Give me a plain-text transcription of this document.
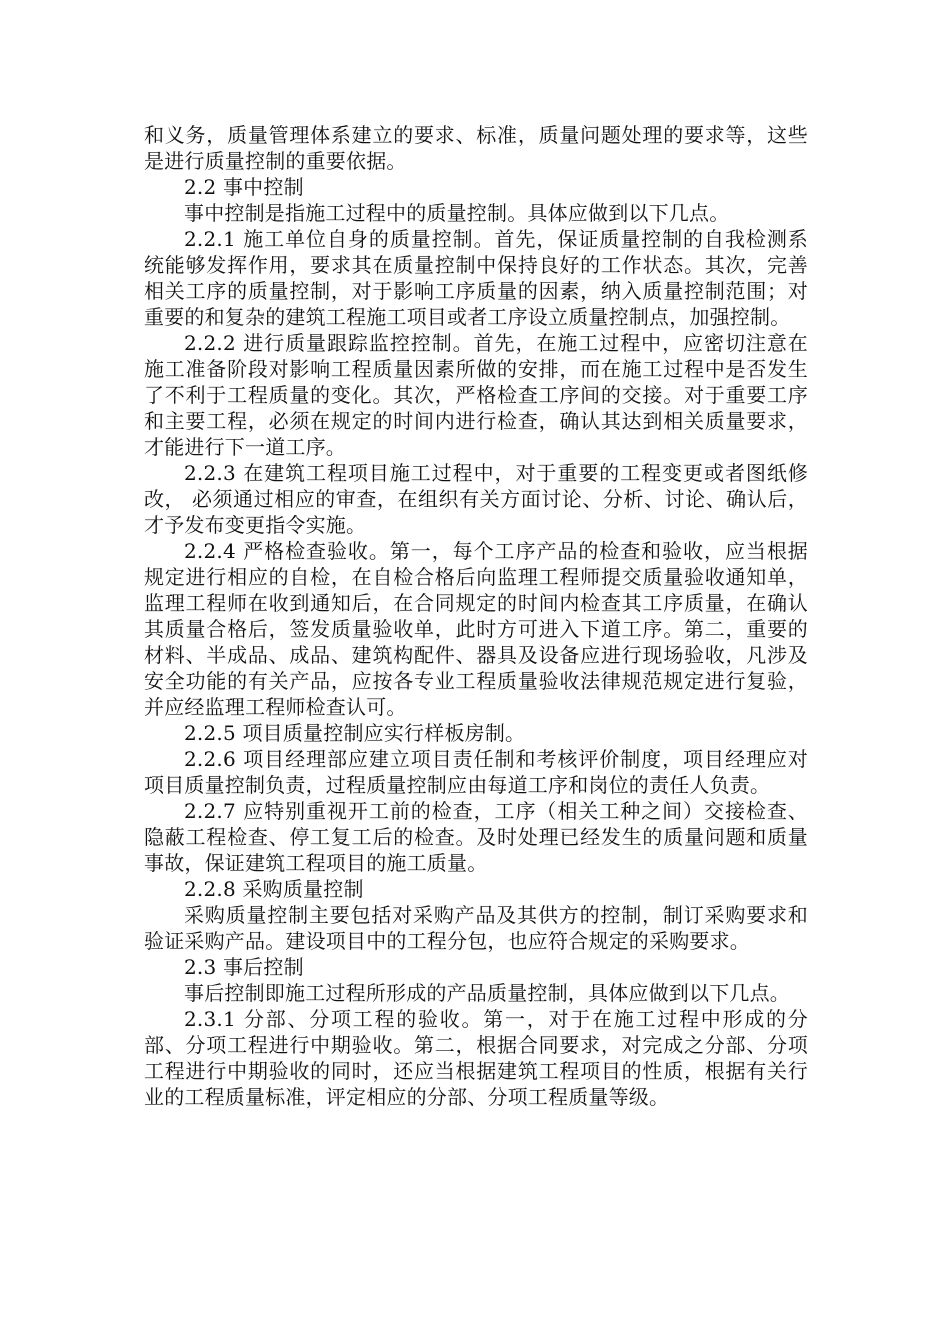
和义务，质量管理体系建立的要求、标准，质量问题处理的要求等，这些是进行质量控制的重要依据。

2.2 事中控制

事中控制是指施工过程中的质量控制。具体应做到以下几点。

2.2.1 施工单位自身的质量控制。首先，保证质量控制的自我检测系统能够发挥作用，要求其在质量控制中保持良好的工作状态。其次，完善相关工序的质量控制，对于影响工序质量的因素，纳入质量控制范围；对重要的和复杂的建筑工程施工项目或者工序设立质量控制点，加强控制。

2.2.2 进行质量跟踪监控控制。首先，在施工过程中，应密切注意在施工准备阶段对影响工程质量因素所做的安排，而在施工过程中是否发生了不利于工程质量的变化。其次，严格检查工序间的交接。对于重要工序和主要工程，必须在规定的时间内进行检查，确认其达到相关质量要求，才能进行下一道工序。

2.2.3 在建筑工程项目施工过程中，对于重要的工程变更或者图纸修改， 必须通过相应的审查，在组织有关方面讨论、分析、讨论、确认后，才予发布变更指令实施。

2.2.4 严格检查验收。第一，每个工序产品的检查和验收，应当根据规定进行相应的自检，在自检合格后向监理工程师提交质量验收通知单，监理工程师在收到通知后，在合同规定的时间内检查其工序质量，在确认其质量合格后，签发质量验收单，此时方可进入下道工序。第二，重要的材料、半成品、成品、建筑构配件、器具及设备应进行现场验收，凡涉及安全功能的有关产品，应按各专业工程质量验收法律规范规定进行复验， 并应经监理工程师检查认可。

2.2.5 项目质量控制应实行样板房制。

2.2.6 项目经理部应建立项目责任制和考核评价制度，项目经理应对项目质量控制负责，过程质量控制应由每道工序和岗位的责任人负责。

2.2.7 应特别重视开工前的检查，工序（相关工种之间）交接检查、隐蔽工程检查、停工复工后的检查。及时处理已经发生的质量问题和质量事故，保证建筑工程项目的施工质量。

2.2.8 采购质量控制

采购质量控制主要包括对采购产品及其供方的控制，制订采购要求和验证采购产品。建设项目中的工程分包，也应符合规定的采购要求。

2.3 事后控制

事后控制即施工过程所形成的产品质量控制，具体应做到以下几点。

2.3.1 分部、分项工程的验收。第一，对于在施工过程中形成的分部、分项工程进行中期验收。第二，根据合同要求，对完成之分部、分项工程进行中期验收的同时，还应当根据建筑工程项目的性质，根据有关行业的工程质量标准，评定相应的分部、分项工程质量等级。
